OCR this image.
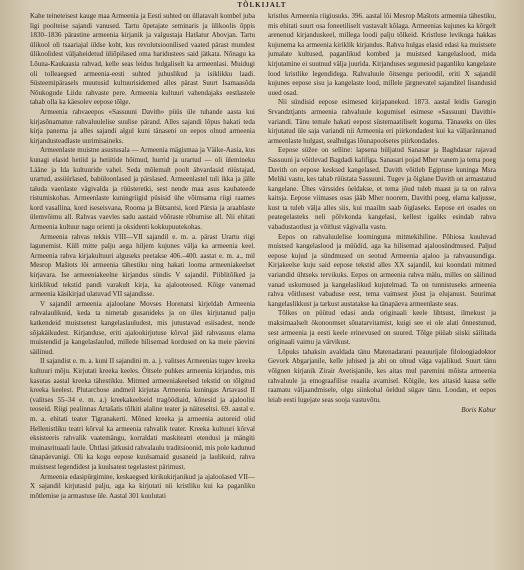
TÕLKIJALT

Kahe teineteisest kauge maa Armeenia ja Eesti suhted on üllatavalt kombel juba ligi poolteise sajandi vanused. Tartu õpetajate seminaris ja ülikoolis õppis 1830–1836 pärastine armeenia kirjanik ja valgustaja Hatšatur Abovjan. Tartu ülikool oli tsaariajal üldse koht, kus revolutsioonilised vaated pärast mundest ülikoolidest väljaheidetud üliõpilased oma haridustees said jätkata. Nõnagu ka Lõuna-Kaukaasia rahvad, kelle seas leidus hulgaliselt ka armeenlasi. Muidugi oli tolleaegsed armeenia-eesti suhted juhuslikud ja isiklikku laadi. Süsteemipärasels muutusid kultuurisidemed alles pärast Suurt Isamaasõda Nõukogude Liidu rahvaste pere. Armeenia kultuuri vahendajaks eestlastele tahab olla ka käesolev eepose tõlge.

Armeenia rahvaeepos «Sassuuni Davith» püüs üle tuhande aasta kui kirjasõnamatue rahvaluulelise suulise pärand. Alles sajandi lõpus hakati teda kirja panema ja alles sajandi algul kuni tänaseni on eepos olnud armeenia kirjandusteadlaste uurimisaineks.

Armeenlaste muistne asustusala — Armeenia mägismaa ja Väike-Aasia, kus kunagi elasid hetiid ja hetiitide hõimud, hurrid ja urartud — oli ülemineku Lääne ja Ida kultuuride vahel. Seda mõlemalt poolt ähvardasid rüüstajad, urartud, assüürlased, babüloonlased ja pärslased. Armeenlastel tuli ikka ja jälle taluda vaenlaste vägivalda ja rüüsteretki, sest nende maa asus kaubateede ristumiskohas. Armeenlaste kuningriigid püsisid ühe võimsama riigi raames kord vasallina, kord iseseisvana, Rooma ja Bütsantsi, kord Pärsia ja araablaste ülemvõimu all. Rahvas vaevles sadu aastaid võõraste rõhumise all. Nii ehitati Armeenia kultuur nagu orienti ja oksidenti kokkupuutekohas.

Armeenia rahvas tekkis VIII—VII sajandil e. m. a. pärast Urartu riigi lagunemist. Küll mitte palju aega hiljem kujunes välja ka armeenia keel. Armeenia rahva kirjakultuuri alguseks peetakse 406.–400. aastat e. m. a., mil Mesrop Maštots lõi armeenia tähestiku ning hakati looma armeeniakeelset kirjavara. Ise armeeniakeelne kirjandus sündis V sajandil. Piiblitõlked ja kiriklikud tekstid pandi varakult kirja, ka ajalooteosed. Kõige vanemad armeenia käsikirjad ulatuvad VII sajandisse.

V sajandil armeenia ajaloolane Movses Horenatsi kirjeldab Armeenia rahvalaulikuid, keda ta nimetab gusanideks ja on üles kirjutanud palju katkendeid muistsetest kangelaslauludest, mis jutustavad esiisadest, nende sõjakäikudest. Kirjanduse, eriti ajalookirjutuse kõrval jäid rahvasuus elama muistendid ja kangelaslaulud, millede hilisemad kordused on ka meie päevini säilinud.

II sajandist e. m. a. kuni II sajandini m. a. j. valitses Armeenias tugev kreeka kultuuri mõju. Kirjutati kreeka keeles. Õitsele puhkes armeenia kirjandus, mis kasutas aastal kreeka tähestikku. Mitmed armeeniakeelsed tekstid on tõlgitud kreeka keelest. Plutarchose andmeil kirjutas Armeenia kuningas Artavasd II (valitses 55–34 e. m. a.) kreekakeelseid tragöödiaid, kõnesid ja ajaloolisi teoseid. Riigi pealinnas Artašatis tõlkiti alaline teater ja näiteseltsi. 69. aastal e. m. a. ehitati teater Tigranakerti. Mõned kreeka ja armeenia autoreid olid Hellenistliku teatri kõrval ka armeenia rahvalik teater. Kreeka kultuuri kõrval eksisteeris rahvalik vaatemängu, korraldati maskiteatri etendusi ja mängiti muinasrituaali laule. Ühtlasi jätkusid rahvalaulu traditsioonid, mis pole kadunud tänapäevanigi. Oli ka kogu eepose kuulsamaid gusaneid ja laulikuid, rahva muistsest legendidest ja kuulsatest tegelastest pärimust.

Armeenia edasipürgimine, keskaegsed kirikukirjanikud ja ajaloolased VII—X sajandil kirjutasid palju, aga ka kirjutati nii kristliku kui ka paganliku mõtlemise ja armastuse üle. Aastal 301 kuulutati

kristlus Armeenia riigiusuks. 396. aastal lõi Mesrop Maštots armeenia tähestiku, mis ehitati suurt osa foneetiliselt vastavalt kõlaga. Armeenias kujunes ka kõrgelt arenenud kirjanduskeel, millega loodi palju tõlkeid. Kristluse levikuga hakkas kujunema ka armeenia kiriklik kirjandus. Rahva hulgas elasid edasi ka muistsete jumalate kultused, paganlikud kombed ja muistsed kangelaslood, mida kirjutamine ei suutnud välja juurida. Kirjanduses segunesid paganliku kangelaste lood kristlike legendidega. Rahvaluule õitsengu perioodil, eriti X sajandil kujunes eepose sisu ja kangelaste lood, millele järgnevatel sajanditel lisandusid uued osad.

Nii sündisid eepose esimesed kirjapanekud. 1873. aastal leidis Garegin Srvandztjants armeenia rahvaluule kogumisel esimese «Sassuuni Davithi» variandi. Tänu temale hakati eepost süstemaatiliselt koguma. Tänaseks on üles kirjutatud üle saja variandi nii Armeenia eri piirkondadest kui ka väljarännanud armeenlaste hulgast, sealhulgas lõunapoolsetes piirkondades.

Eepose süžee on selline: lapsena hüljatud Sanasar ja Baghdasar rajavad Sassuuni ja võitlevad Bagdadi kalifiga. Sanasari pojad Mher vanem ja tema poeg Davith on eepose kesksed kangelased. Davith võitleb Egiptuse kuninga Msra Meliki vastu, kes tahab rüüstata Sassuuni. Tugev ja õiglane Davith on armastatud kangelane. Ühes värssides öeldakse, et tema jõud tuleb maast ja ta on rahva kaitsja. Eepose viimases osas jääb Mher noorem, Davithi poeg, elama kaljusse, kust ta tuleb välja alles siis, kui maailm saab õiglaseks. Eepose eri osades on peategelasteks neli põlvkonda kangelasi, kellest igaüks esindab rahva vabadustaotlust ja võitlust vägivalla vastu.

Eepos on rahvaluulelise loominguna mitmekihiline. Põhiosa kuuluvad muistsed kangelaslood ja müüdid, aga ka hilisemad ajaloosündmused. Paljud eepose kujud ja sündmused on seotud Armeenia ajaloo ja rahvausundiga. Kirjakeelse kuju said eepose tekstid alles XX sajandil, kui koondati mitmed variandid ühtseks tervikuks. Eepos on armeenia rahva mälu, milles on säilinud vanad uskumused ja kangelaslikud kujutelmad. Ta on tunnistuseks armeenia rahva võitlusest vabaduse eest, tema vaimsest jõust ja elujanust. Suurimat kangelaslikkust ja tarkust austatakse ka tänapäeva armeenlaste seas.

Tõlkes on püütud edasi anda originaali keele lihtsust, ilmekust ja maksimaalselt ökonoomset sõnatarvitamist, kuigi see ei ole alati õnnestunud, sest armeenia ja eesti keele erinevused on suured. Tõlge püüab siiski säilitada originaali vaimu ja värvikust.

Lõpuks tahaksin avaldada tänu Matenadarani peauurijale filoloogiadoktor Gevork Abgarjanile, kelle juhised ja abi on olnud väga vajalikud. Suurt tänu võlgnen kirjanik Zirair Avetisjanile, kes aitas mul paremini mõista armeenia rahvaluule ja etnograafilise reaalia avamisel. Kõigile, kes aitasid kaasa selle raamatu väljaandmisele, olgu siinkohal öeldud sügav tänu. Loodan, et eepos leiab eesti lugejate seas sooja vastuvõtu.

Boris Kabur
